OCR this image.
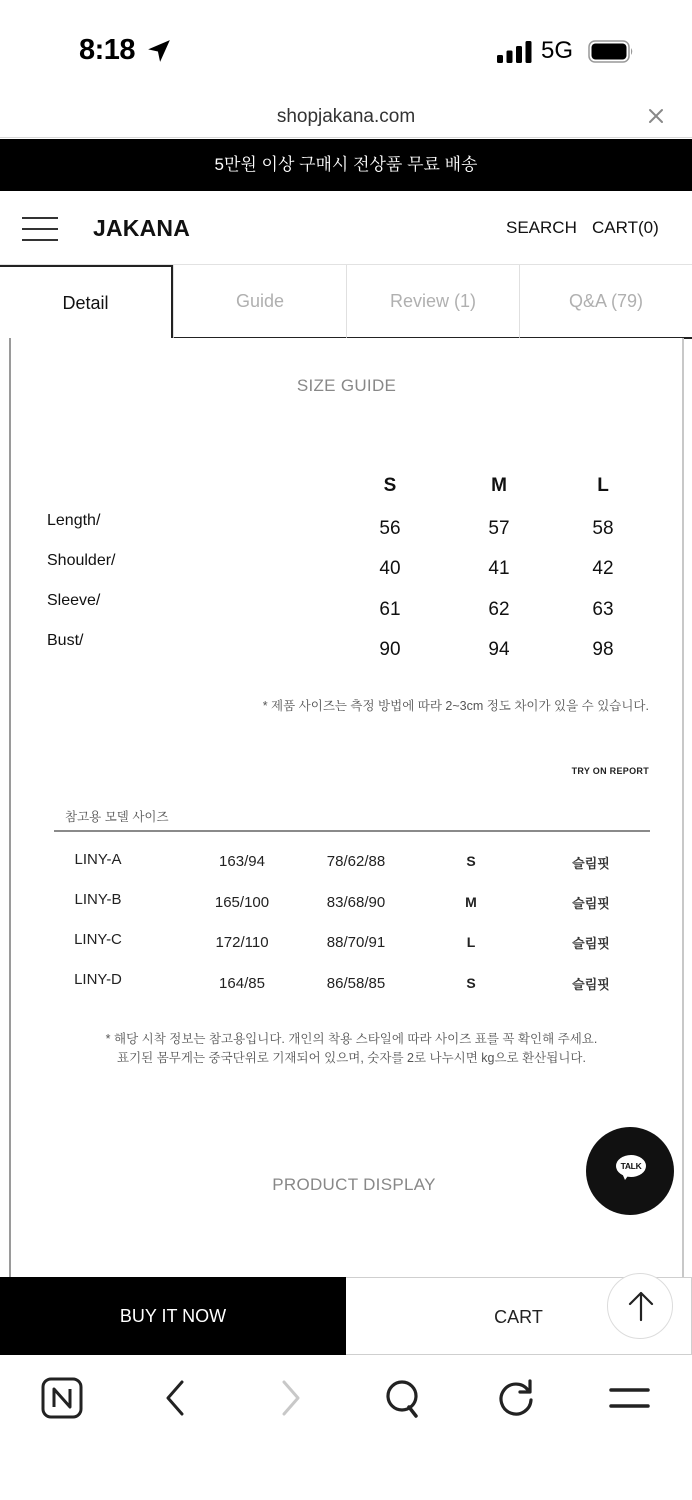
8:18	5G
shopjakana.com
5만원 이상 구매시 전상품 무료 배송
JAKANA	SEARCH CART(0)
Detail	Guide	Review (1)	Q&A (79)
SIZE GUIDE
S	M	L
Length/	56	57	58
Shoulder/	40	41	42
Sleeve/	61	62	63
Bust/	90	94	98
* 제품 사이즈는 측정 방법에 따라 2~3cm 정도 차이가 있을 수 있습니다.
TRY ON REPORT
참고용 모델 사이즈
LINY-A	163/94	78/62/88	S	슬림핏
LINY-B	165/100	83/68/90	M	슬림핏
LINY-C	172/110	88/70/91	L	슬림핏
LINY-D	164/85	86/58/85	S	슬림핏
* 해당 시착 정보는 참고용입니다. 개인의 착용 스타일에 따라 사이즈 표를 꼭 확인해 주세요.
표기된 몸무게는 중국단위로 기재되어 있으며, 숫자를 2로 나누시면 kg으로 환산됩니다.
PRODUCT DISPLAY
TALK
BUY IT NOW	CART
